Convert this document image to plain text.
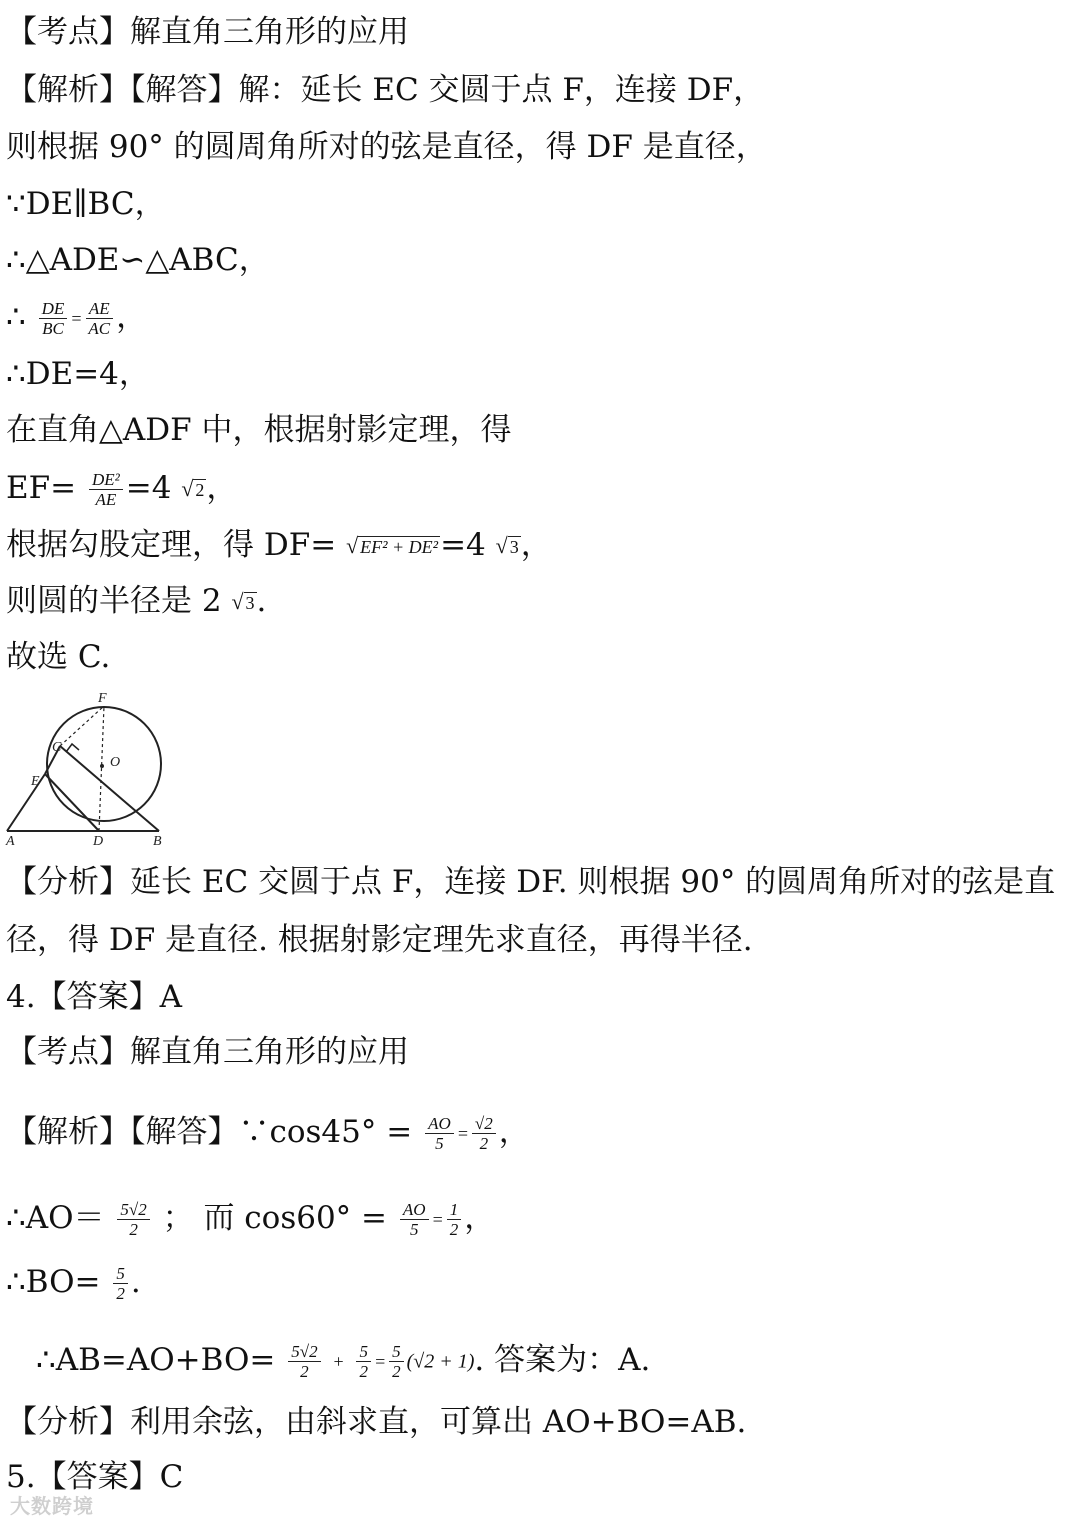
【考点】解直角三角形的应用
【解析】【解答】解：延长 EC 交圆于点 F，连接 DF，
则根据 90° 的圆周角所对的弦是直径，得 DF 是直径，
∵DE∥BC，
∴△ADE∽△ABC，
∴ $\frac{DE}{BC} = \frac{AE}{AC}$ ，
∴DE=4，
在直角△ADF 中，根据射影定理，得
$EF= \frac{\text{DE²}}{AE} =4$ √ 2，
根据勾股定理，得 DF= √ EF² + DE²=4 √ 3，
则圆的半径是 2 √ 3.
故选 C.
F
C
O
E
A	D	B
【分析】延长 EC 交圆于点 F，连接 DF. 则根据 90° 的圆周角所对的弦是直
径，得 DF 是直径. 根据射影定理先求直径，再得半径.
4.【答案】A
【考点】解直角三角形的应用
【解析】【解答】∵cos45° = $\frac{AO}{5} = \frac{√2}{2}$ ，
∴AO＝ $\frac{5√2}{2}$ ； 而 $\cos 60^\circ = \frac{AO}{5} = \frac{1}{2}$ ，
∴BO= $\frac{5}{2}$ .
∴AB=AO+BO= $\frac{5√2}{2} + \frac{5}{2} = \frac{5}{2} (√2 + 1)$. 答案为：A.
【分析】利用余弦，由斜求直，可算出 AO+BO=AB.
5.【答案】C
大数跨境
